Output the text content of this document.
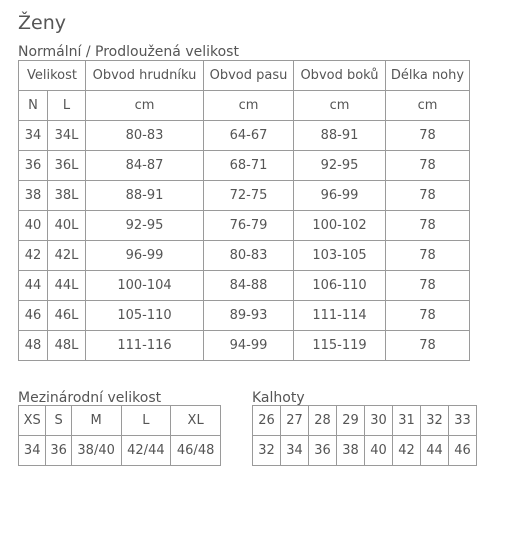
Ženy
Normální / Prodloužená velikost
Velikost		Obvod hrudníku	Obvod pasu	Obvod boků	Délka nohy
N	L	cm	cm	cm	cm
34	34L	80-83	64-67	88-91	78
36	36L	84-87	68-71	92-95	78
38	38L	88-91	72-75	96-99	78
40	40L	92-95	76-79	100-102	78
42	42L	96-99	80-83	103-105	78
44	44L	100-104	84-88	106-110	78
46	46L	105-110	89-93	111-114	78
48	48L	111-116	94-99	115-119	78
Mezinárodní velikost
XS	S	M	L	XL
34	36	38/40	42/44	46/48
Kalhoty
26	27	28	29	30	31	32	33
32	34	36	38	40	42	44	46
